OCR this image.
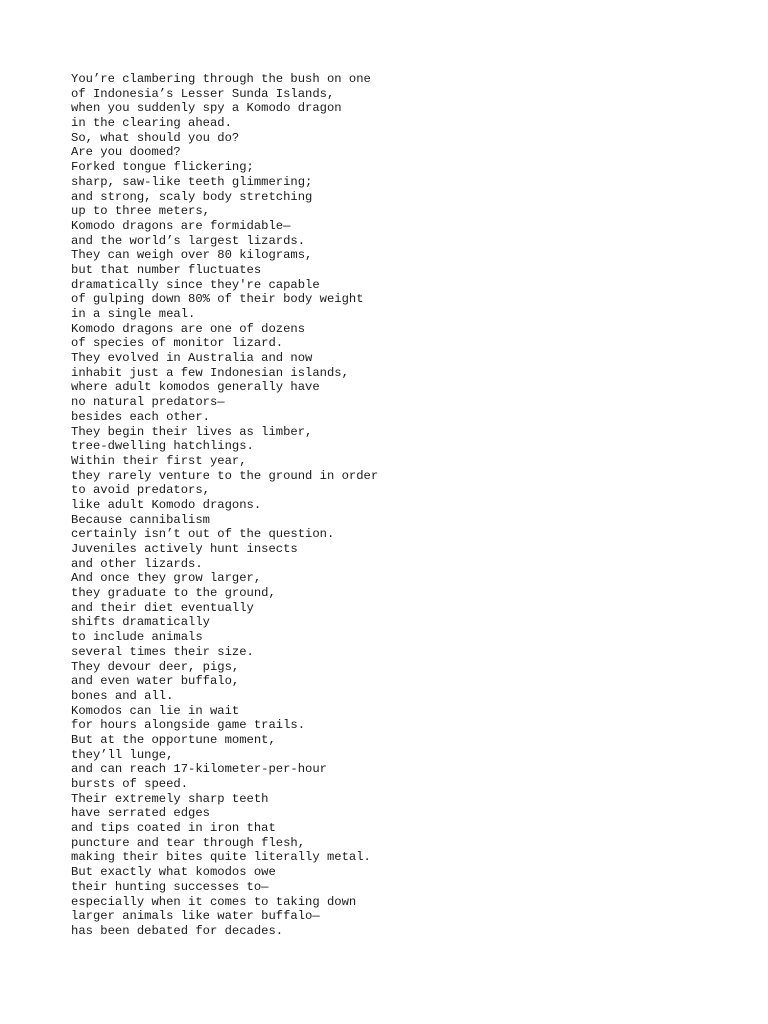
You’re clambering through the bush on one
of Indonesia’s Lesser Sunda Islands,
when you suddenly spy a Komodo dragon
in the clearing ahead.
So, what should you do?
Are you doomed?
Forked tongue flickering;
sharp, saw-like teeth glimmering;
and strong, scaly body stretching
up to three meters,
Komodo dragons are formidable—
and the world’s largest lizards.
They can weigh over 80 kilograms,
but that number fluctuates
dramatically since they're capable
of gulping down 80% of their body weight
in a single meal.
Komodo dragons are one of dozens
of species of monitor lizard.
They evolved in Australia and now
inhabit just a few Indonesian islands,
where adult komodos generally have
no natural predators—
besides each other.
They begin their lives as limber,
tree-dwelling hatchlings.
Within their first year,
they rarely venture to the ground in order
to avoid predators,
like adult Komodo dragons.
Because cannibalism
certainly isn’t out of the question.
Juveniles actively hunt insects
and other lizards.
And once they grow larger,
they graduate to the ground,
and their diet eventually
shifts dramatically
to include animals
several times their size.
They devour deer, pigs,
and even water buffalo,
bones and all.
Komodos can lie in wait
for hours alongside game trails.
But at the opportune moment,
they’ll lunge,
and can reach 17-kilometer-per-hour
bursts of speed.
Their extremely sharp teeth
have serrated edges
and tips coated in iron that
puncture and tear through flesh,
making their bites quite literally metal.
But exactly what komodos owe
their hunting successes to—
especially when it comes to taking down
larger animals like water buffalo—
has been debated for decades.
